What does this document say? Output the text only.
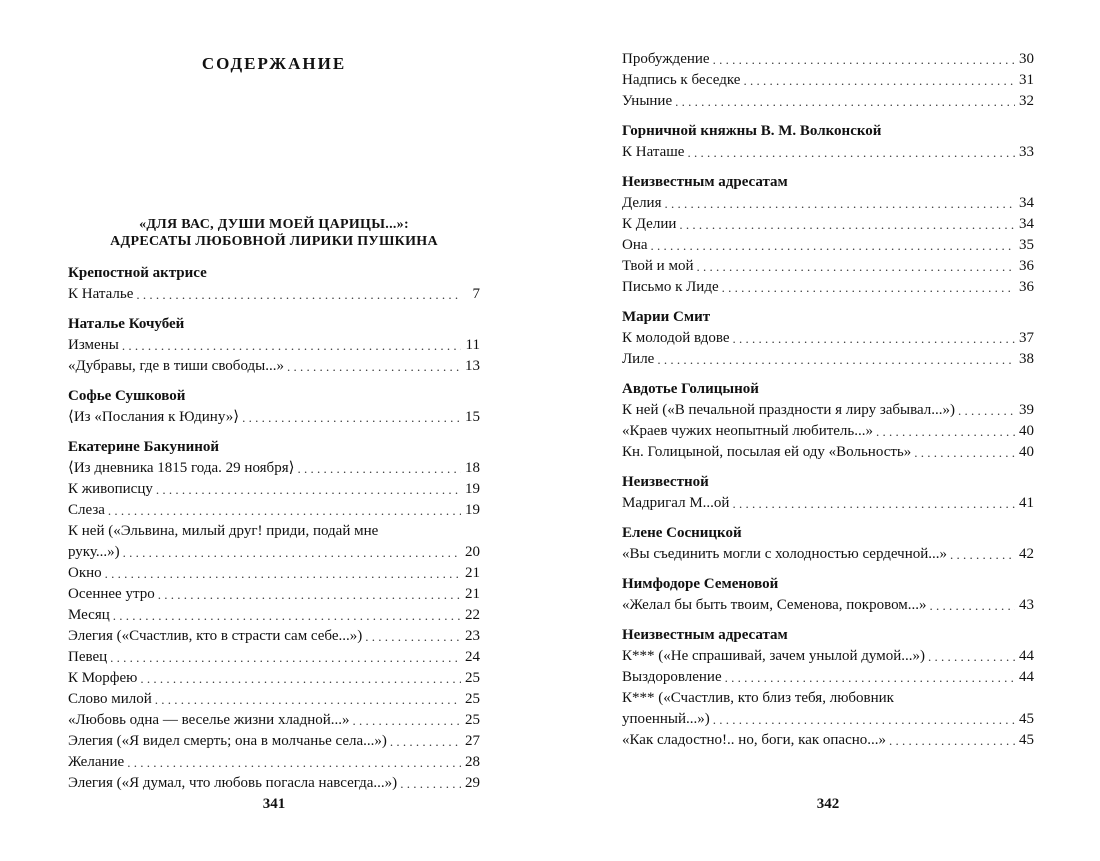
СОДЕРЖАНИЕ
«ДЛЯ ВАС, ДУШИ МОЕЙ ЦАРИЦЫ...»:
АДРЕСАТЫ ЛЮБОВНОЙ ЛИРИКИ ПУШКИНА
Крепостной актрисе
К Наталье . . .	7
Наталье Кочубей
Измены . . .	11
«Дубравы, где в тиши свободы...» . . .	13
Софье Сушковой
⟨Из «Послания к Юдину»⟩ . . .	15
Екатерине Бакуниной
⟨Из дневника 1815 года. 29 ноября⟩ . . .	18
К живописцу . . .	19
Слеза . . .	19
К ней («Эльвина, милый друг! приди, подай мне
руку...») . . .	20
Окно . . .	21
Осеннее утро . . .	21
Месяц . . .	22
Элегия («Счастлив, кто в страсти сам себе...») . . .	23
Певец . . .	24
К Морфею . . .	25
Слово милой . . .	25
«Любовь одна — веселье жизни хладной...» . . .	25
Элегия («Я видел смерть; она в молчанье села...») . . .	27
Желание . . .	28
Элегия («Я думал, что любовь погасла навсегда...») . . .	29
341
Пробуждение . . .	30
Надпись к беседке . . .	31
Уныние . . .	32
Горничной княжны В. М. Волконской
К Наташе . . .	33
Неизвестным адресатам
Делия . . .	34
К Делии . . .	34
Она . . .	35
Твой и мой . . .	36
Письмо к Лиде . . .	36
Марии Смит
К молодой вдове . . .	37
Лиле . . .	38
Авдотье Голицыной
К ней («В печальной праздности я лиру забывал...») . . .	39
«Краев чужих неопытный любитель...» . . .	40
Кн. Голицыной, посылая ей оду «Вольность» . . .	40
Неизвестной
Мадригал М...ой . . .	41
Елене Сосницкой
«Вы съединить могли с холодностью сердечной...» . . .	42
Нимфодоре Семеновой
«Желал бы быть твоим, Семенова, покровом...» . . .	43
Неизвестным адресатам
К*** («Не спрашивай, зачем унылой думой...») . . .	44
Выздоровление . . .	44
К*** («Счастлив, кто близ тебя, любовник
упоенный...») . . .	45
«Как сладостно!.. но, боги, как опасно...» . . .	45
342
